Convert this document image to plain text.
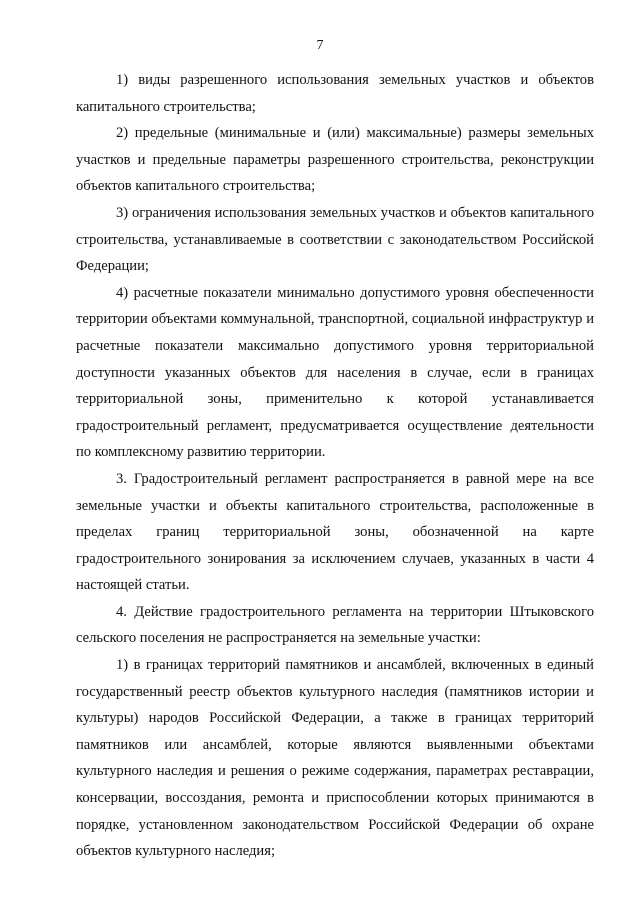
7

1) виды разрешенного использования земельных участков и объектов капитального строительства;

2) предельные (минимальные и (или) максимальные) размеры земельных участков и предельные параметры разрешенного строительства, реконструкции объектов капитального строительства;

3) ограничения использования земельных участков и объектов капитального строительства, устанавливаемые в соответствии с законодательством Российской Федерации;

4) расчетные показатели минимально допустимого уровня обеспеченности территории объектами коммунальной, транспортной, социальной инфраструктур и расчетные показатели максимально допустимого уровня территориальной доступности указанных объектов для населения в случае, если в границах территориальной зоны, применительно к которой устанавливается градостроительный регламент, предусматривается осуществление деятельности по комплексному развитию территории.

3. Градостроительный регламент распространяется в равной мере на все земельные участки и объекты капитального строительства, расположенные в пределах границ территориальной зоны, обозначенной на карте градостроительного зонирования за исключением случаев, указанных в части 4 настоящей статьи.

4. Действие градостроительного регламента на территории Штыковского сельского поселения не распространяется на земельные участки:

1) в границах территорий памятников и ансамблей, включенных в единый государственный реестр объектов культурного наследия (памятников истории и культуры) народов Российской Федерации, а также в границах территорий памятников или ансамблей, которые являются выявленными объектами культурного наследия и решения о режиме содержания, параметрах реставрации, консервации, воссоздания, ремонта и приспособлении которых принимаются в порядке, установленном законодательством Российской Федерации об охране объектов культурного наследия;
